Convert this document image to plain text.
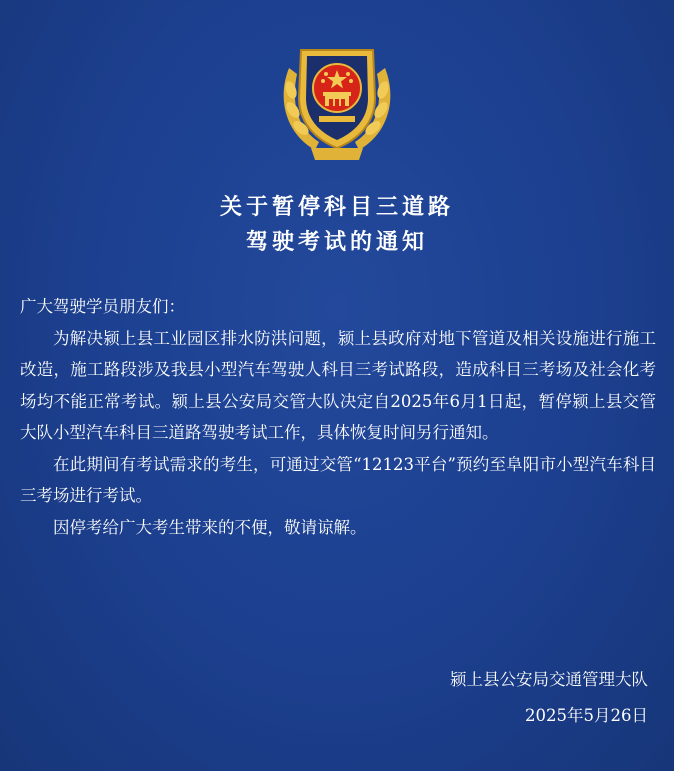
关于暂停科目三道路
驾驶考试的通知

广大驾驶学员朋友们：

为解决颍上县工业园区排水防洪问题，颍上县政府对地下管道及相关设施进行施工改造，施工路段涉及我县小型汽车驾驶人科目三考试路段，造成科目三考场及社会化考场均不能正常考试。颍上县公安局交管大队决定自2025年6月1日起，暂停颍上县交管大队小型汽车科目三道路驾驶考试工作，具体恢复时间另行通知。

在此期间有考试需求的考生，可通过交管“12123平台”预约至阜阳市小型汽车科目三考场进行考试。

因停考给广大考生带来的不便，敬请谅解。

颍上县公安局交通管理大队
2025年5月26日
